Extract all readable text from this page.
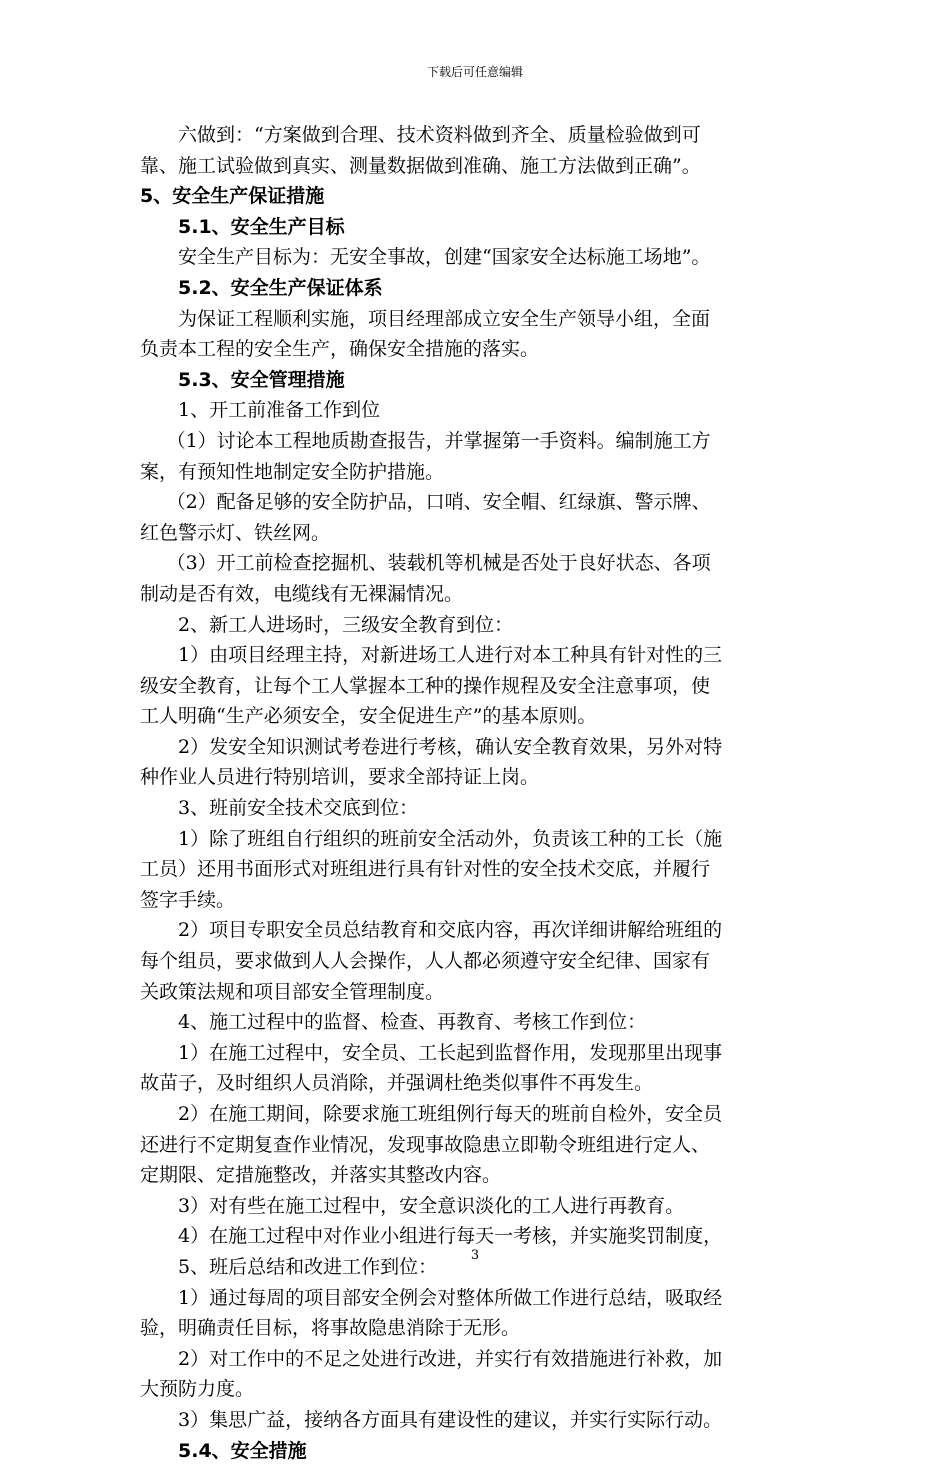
下载后可任意编辑
六做到：“方案做到合理、技术资料做到齐全、质量检验做到可
靠、施工试验做到真实、测量数据做到准确、施工方法做到正确”。
5、安全生产保证措施
5.1、安全生产目标
安全生产目标为：无安全事故，创建“国家安全达标施工场地”。
5.2、安全生产保证体系
为保证工程顺利实施，项目经理部成立安全生产领导小组，全面
负责本工程的安全生产，确保安全措施的落实。
5.3、安全管理措施
1、开工前准备工作到位
（1）讨论本工程地质勘查报告，并掌握第一手资料。编制施工方
案，有预知性地制定安全防护措施。
（2）配备足够的安全防护品，口哨、安全帽、红绿旗、警示牌、
红色警示灯、铁丝网。
（3）开工前检查挖掘机、装载机等机械是否处于良好状态、各项
制动是否有效，电缆线有无裸漏情况。
2、新工人进场时，三级安全教育到位：
1）由项目经理主持，对新进场工人进行对本工种具有针对性的三
级安全教育，让每个工人掌握本工种的操作规程及安全注意事项，使
工人明确“生产必须安全，安全促进生产”的基本原则。
2）发安全知识测试考卷进行考核，确认安全教育效果，另外对特
种作业人员进行特别培训，要求全部持证上岗。
3、班前安全技术交底到位：
1）除了班组自行组织的班前安全活动外，负责该工种的工长（施
工员）还用书面形式对班组进行具有针对性的安全技术交底，并履行
签字手续。
2）项目专职安全员总结教育和交底内容，再次详细讲解给班组的
每个组员，要求做到人人会操作，人人都必须遵守安全纪律、国家有
关政策法规和项目部安全管理制度。
4、施工过程中的监督、检查、再教育、考核工作到位：
1）在施工过程中，安全员、工长起到监督作用，发现那里出现事
故苗子，及时组织人员消除，并强调杜绝类似事件不再发生。
2）在施工期间，除要求施工班组例行每天的班前自检外，安全员
还进行不定期复查作业情况，发现事故隐患立即勒令班组进行定人、
定期限、定措施整改，并落实其整改内容。
3）对有些在施工过程中，安全意识淡化的工人进行再教育。
4）在施工过程中对作业小组进行每天一考核，并实施奖罚制度，
5、班后总结和改进工作到位：
1）通过每周的项目部安全例会对整体所做工作进行总结，吸取经
验，明确责任目标，将事故隐患消除于无形。
2）对工作中的不足之处进行改进，并实行有效措施进行补救，加
大预防力度。
3）集思广益，接纳各方面具有建设性的建议，并实行实际行动。
5.4、安全措施
3
